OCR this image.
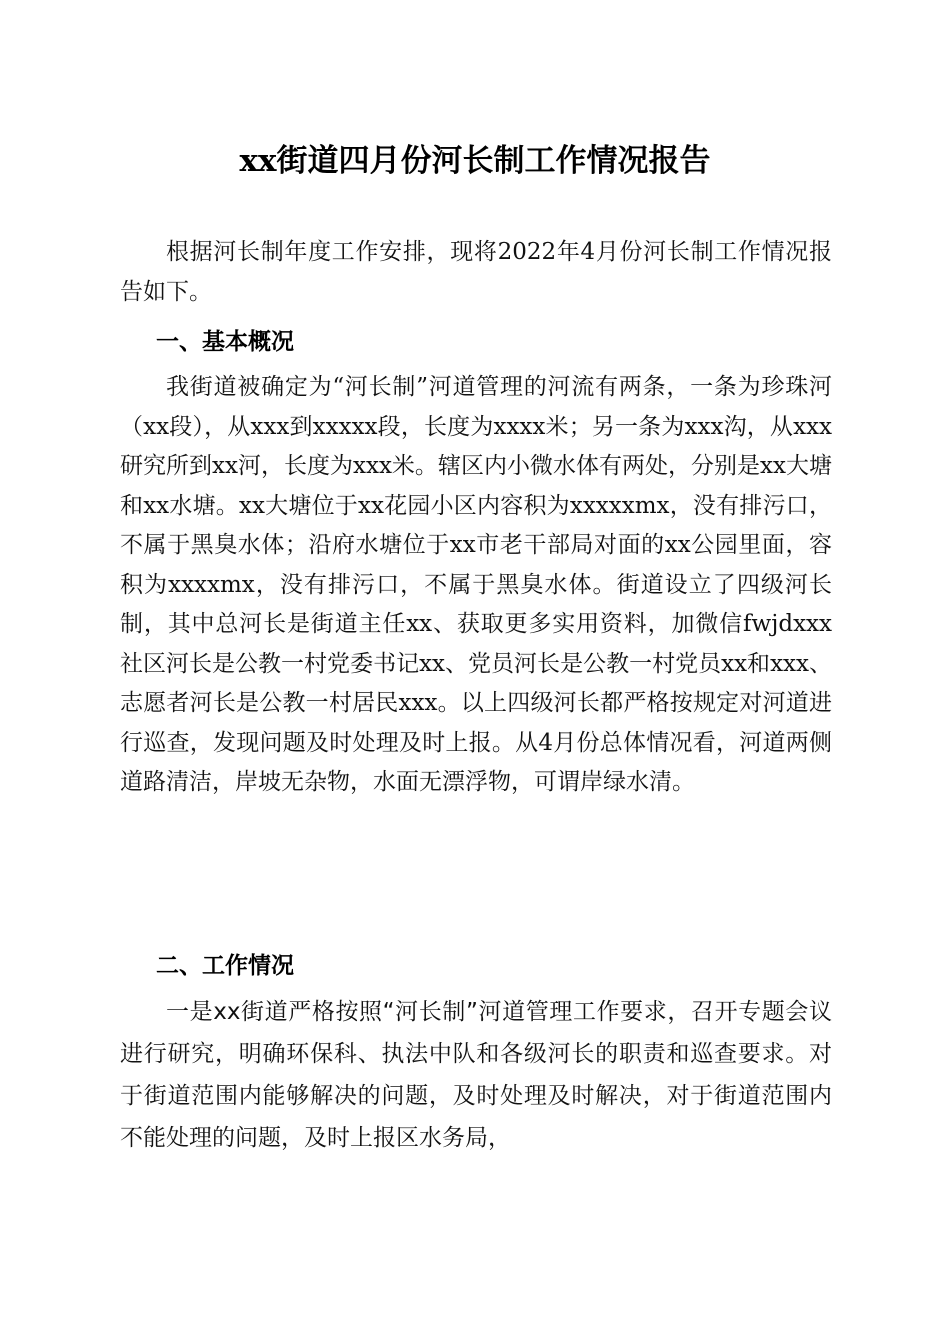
xx街道四月份河长制工作情况报告

根据河长制年度工作安排，现将2022年4月份河长制工作情况报告如下。

一、基本概况

我街道被确定为“河长制”河道管理的河流有两条，一条为珍珠河（xx段），从xxx到xxxxx段，长度为xxxx米；另一条为xxx沟，从xxx研究所到xx河，长度为xxx米。辖区内小微水体有两处，分别是xx大塘和xx水塘。xx大塘位于xx花园小区内容积为xxxxxmx，没有排污口，不属于黑臭水体；沿府水塘位于xx市老干部局对面的xx公园里面，容积为xxxxmx，没有排污口，不属于黑臭水体。街道设立了四级河长制，其中总河长是街道主任xx、获取更多实用资料，加微信fwjdxxx社区河长是公教一村党委书记xx、党员河长是公教一村党员xx和xxx、志愿者河长是公教一村居民xxx。以上四级河长都严格按规定对河道进行巡查，发现问题及时处理及时上报。从4月份总体情况看，河道两侧道路清洁，岸坡无杂物，水面无漂浮物，可谓岸绿水清。

二、工作情况

一是xx街道严格按照“河长制”河道管理工作要求，召开专题会议进行研究，明确环保科、执法中队和各级河长的职责和巡查要求。对于街道范围内能够解决的问题，及时处理及时解决，对于街道范围内不能处理的问题，及时上报区水务局，
